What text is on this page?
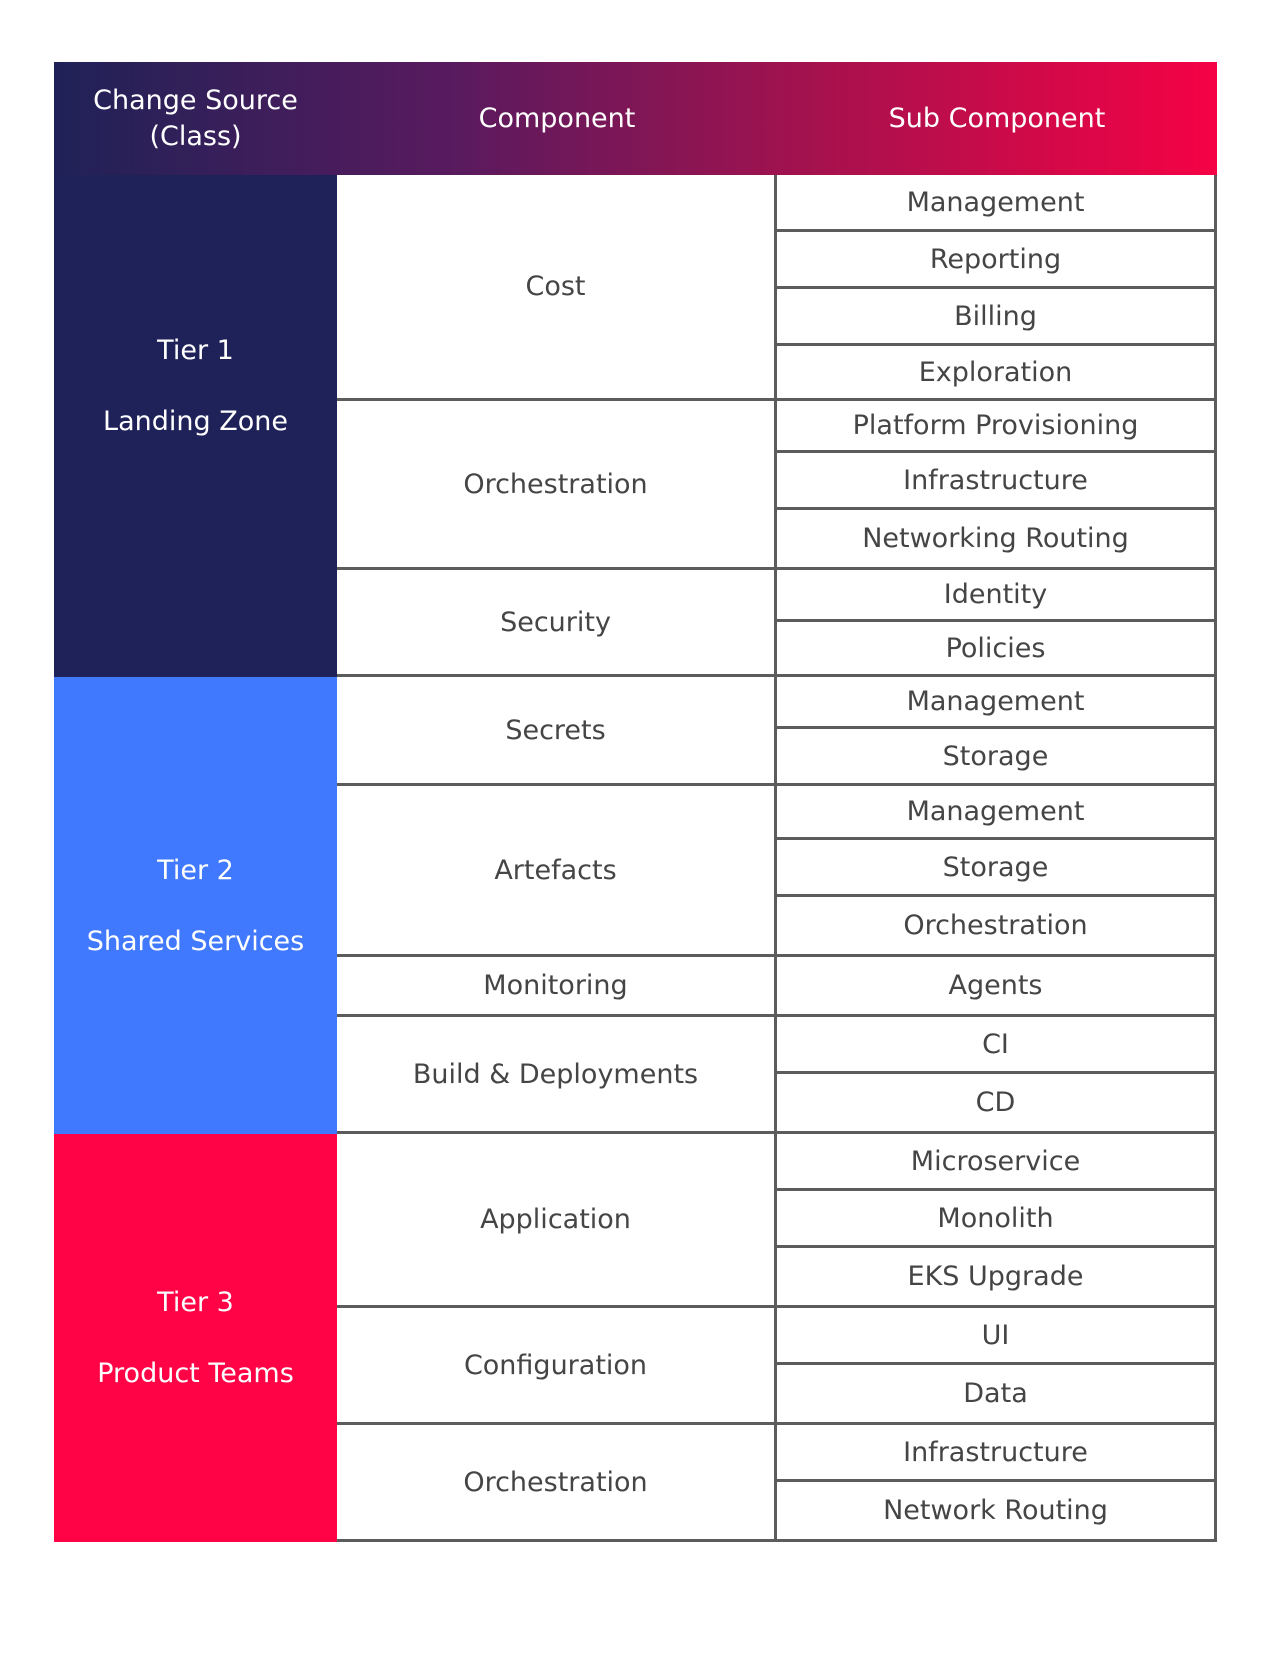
Change Source
(Class)
Component	Sub Component
Tier 1
Landing Zone
Cost
Management
Reporting
Billing
Exploration
Orchestration
Platform Provisioning
Infrastructure
Networking Routing
Security
Identity
Policies
Tier 2
Shared Services
Secrets
Management
Storage
Artefacts
Management
Storage
Orchestration
Monitoring	Agents
Build & Deployments
CI
CD
Tier 3
Product Teams
Application
Microservice
Monolith
EKS Upgrade
Configuration
UI
Data
Orchestration
Infrastructure
Network Routing
